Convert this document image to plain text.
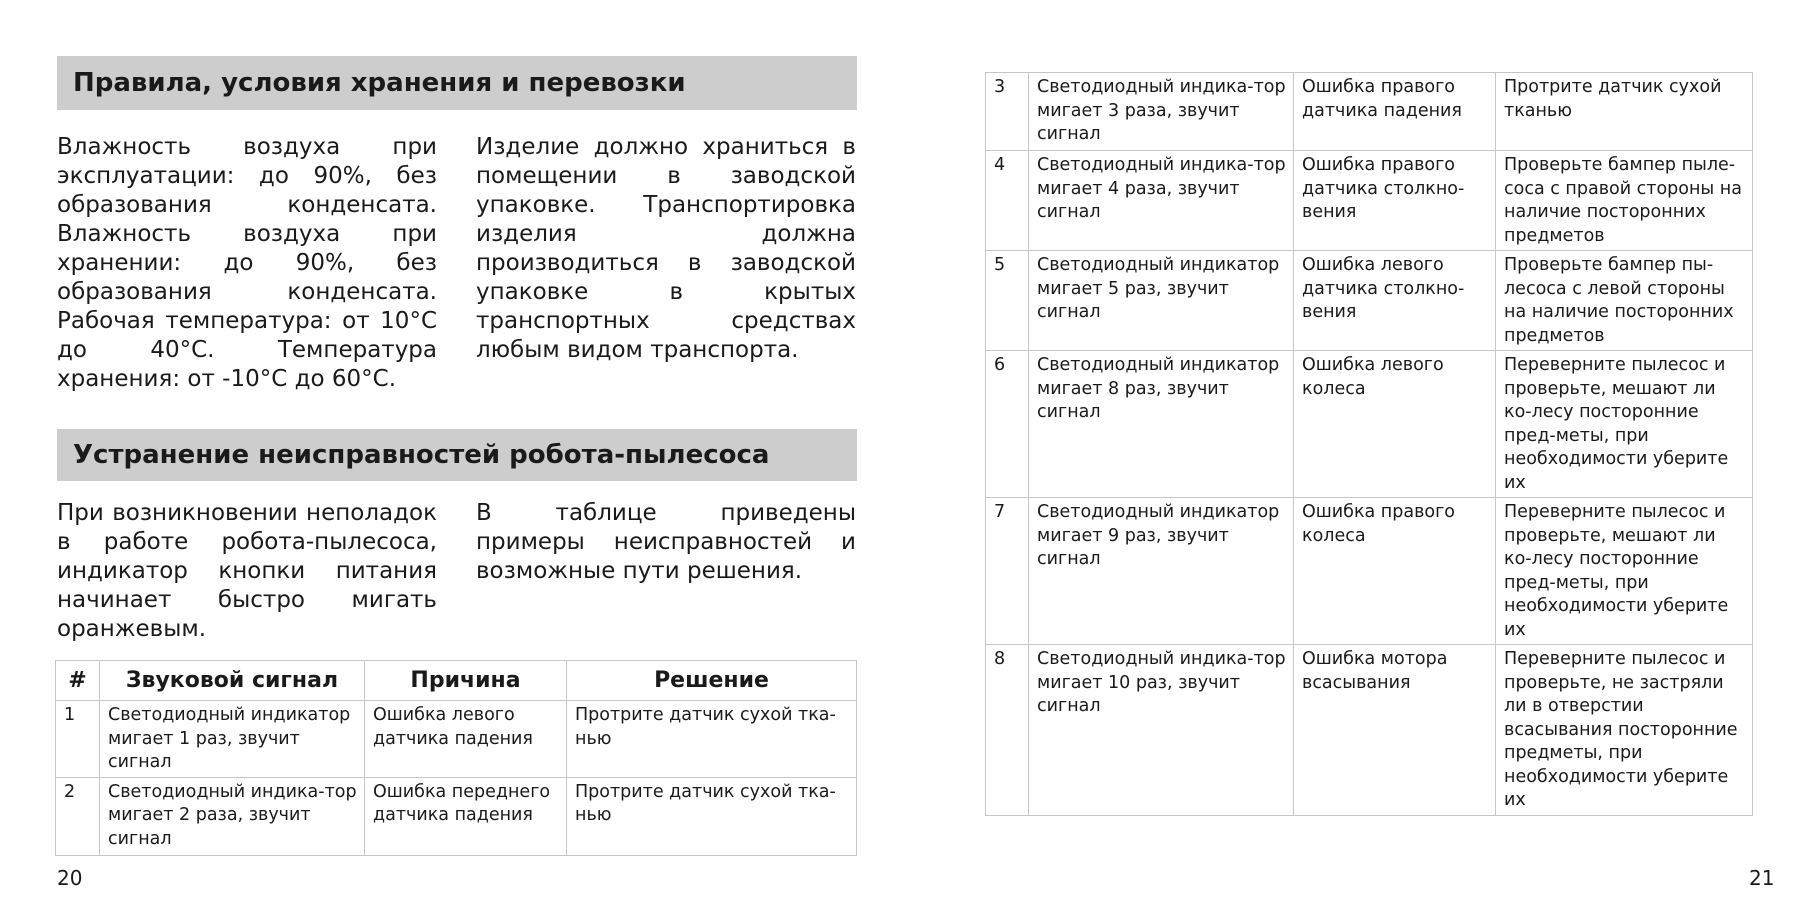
Правила, условия хранения и перевозки
Влажность воздуха при эксплуатации: до 90%, без образования конденсата. Влажность воздуха при хранении: до 90%, без образования конденсата. Рабочая температура: от 10°С до 40°С. Температура хранения: от -10°С до 60°С.
Изделие должно храниться в помещении в заводской упаковке. Транспортировка изделия должна производиться в заводской упаковке в крытых транспортных средствах любым видом транспорта.
Устранение неисправностей робота-пылесоса
При возникновении неполадок в работе робота-пылесоса, индикатор кнопки питания начинает быстро мигать оранжевым.
В таблице приведены примеры неисправностей и возможные пути решения.
#	Звуковой сигнал	Причина	Решение
1	Светодиодный индикатор мигает 1 раз, звучит сигнал	Ошибка левого датчика падения	Протрите датчик сухой тка-нью
2	Светодиодный индика-тор мигает 2 раза, звучит сигнал	Ошибка переднего датчика падения	Протрите датчик сухой тка-нью
20
3	Светодиодный индика-тор мигает 3 раза, звучит сигнал	Ошибка правого датчика падения	Протрите датчик сухой тканью
4	Светодиодный индика-тор мигает 4 раза, звучит сигнал	Ошибка правого датчика столкно-вения	Проверьте бампер пыле-соса с правой стороны на наличие посторонних предметов
5	Светодиодный индикатор мигает 5 раз, звучит сигнал	Ошибка левого датчика столкно-вения	Проверьте бампер пы-лесоса с левой стороны на наличие посторонних предметов
6	Светодиодный индикатор мигает 8 раз, звучит сигнал	Ошибка левого колеса	Переверните пылесос и проверьте, мешают ли ко-лесу посторонние пред-меты, при необходимости уберите их
7	Светодиодный индикатор мигает 9 раз, звучит сигнал	Ошибка правого колеса	Переверните пылесос и проверьте, мешают ли ко-лесу посторонние пред-меты, при необходимости уберите их
8	Светодиодный индика-тор мигает 10 раз, звучит сигнал	Ошибка мотора всасывания	Переверните пылесос и проверьте, не застряли ли в отверстии всасывания посторонние предметы, при необходимости уберите их
21
